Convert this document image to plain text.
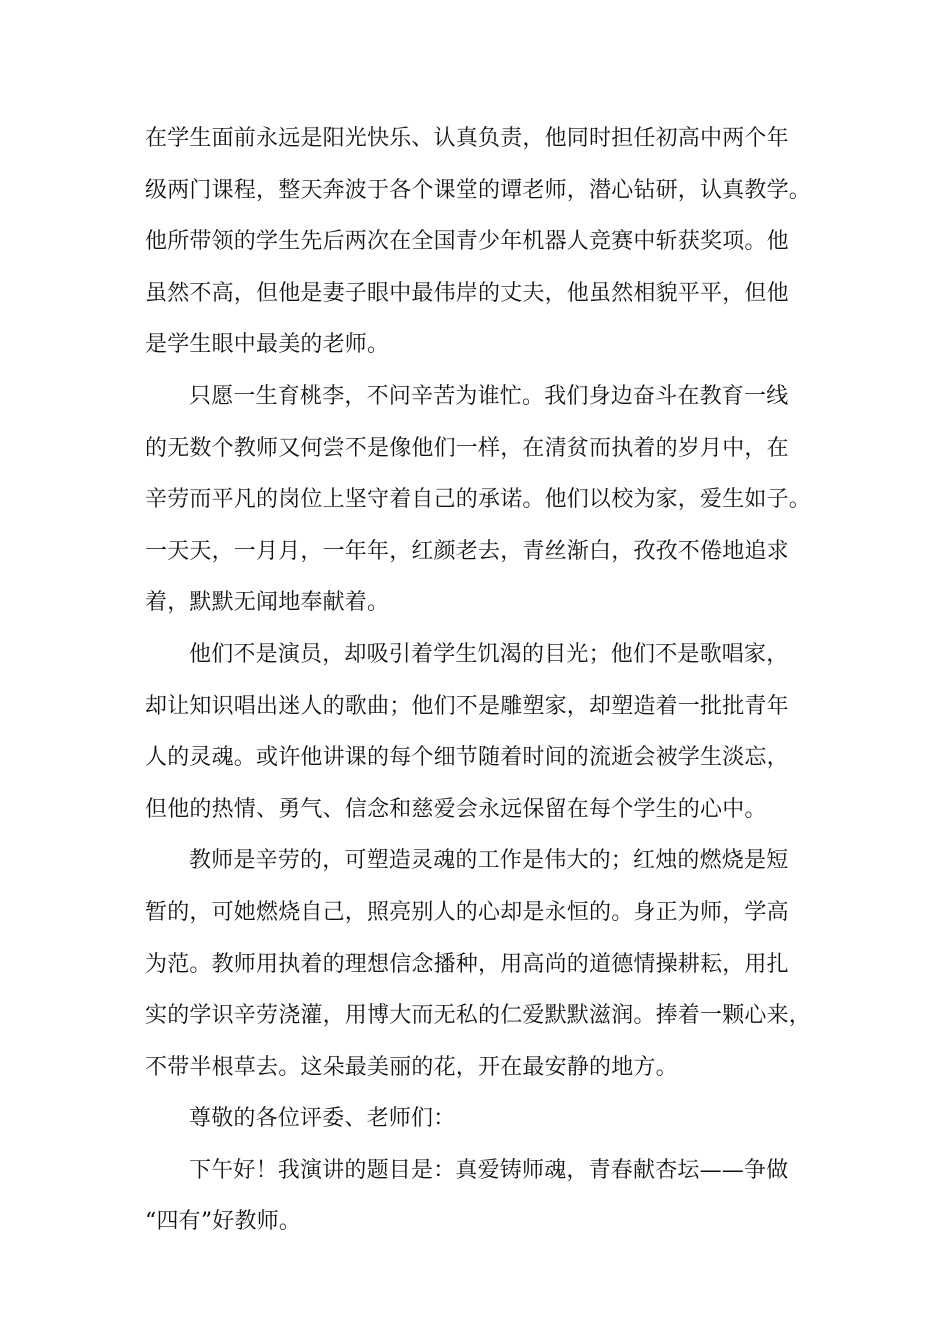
在学生面前永远是阳光快乐、认真负责，他同时担任初高中两个年
级两门课程，整天奔波于各个课堂的谭老师，潜心钻研，认真教学。
他所带领的学生先后两次在全国青少年机器人竞赛中斩获奖项。他
虽然不高，但他是妻子眼中最伟岸的丈夫，他虽然相貌平平，但他
是学生眼中最美的老师。
只愿一生育桃李，不问辛苦为谁忙。我们身边奋斗在教育一线
的无数个教师又何尝不是像他们一样，在清贫而执着的岁月中，在
辛劳而平凡的岗位上坚守着自己的承诺。他们以校为家，爱生如子。
一天天，一月月，一年年，红颜老去，青丝渐白，孜孜不倦地追求
着，默默无闻地奉献着。
他们不是演员，却吸引着学生饥渴的目光；他们不是歌唱家，
却让知识唱出迷人的歌曲；他们不是雕塑家，却塑造着一批批青年
人的灵魂。或许他讲课的每个细节随着时间的流逝会被学生淡忘，
但他的热情、勇气、信念和慈爱会永远保留在每个学生的心中。
教师是辛劳的，可塑造灵魂的工作是伟大的；红烛的燃烧是短
暂的，可她燃烧自己，照亮别人的心却是永恒的。身正为师，学高
为范。教师用执着的理想信念播种，用高尚的道德情操耕耘，用扎
实的学识辛劳浇灌，用博大而无私的仁爱默默滋润。捧着一颗心来，
不带半根草去。这朵最美丽的花，开在最安静的地方。
尊敬的各位评委、老师们：
下午好！我演讲的题目是：真爱铸师魂，青春献杏坛——争做
“四有”好教师。
